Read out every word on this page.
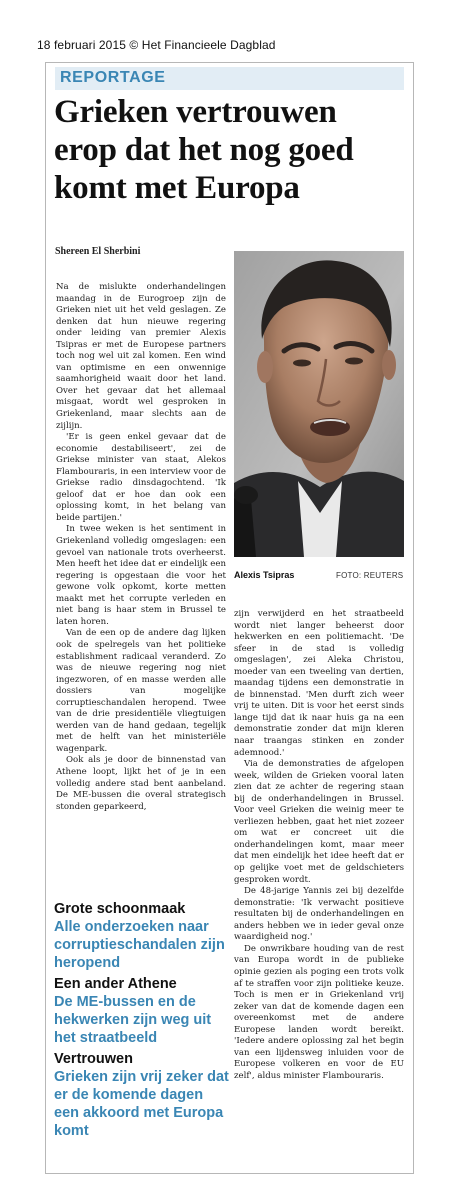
18 februari 2015 © Het Financieele Dagblad
REPORTAGE
Grieken vertrouwen
erop dat het nog goed
komt met Europa
Shereen El Sherbini
Alexis Tsipras	FOTO: REUTERS

Na de mislukte onderhandelingen maandag in de Eurogroep zijn de Grieken niet uit het veld geslagen. Ze denken dat hun nieuwe regering onder leiding van premier Alexis Tsipras er met de Europese partners toch nog wel uit zal komen. Een wind van optimisme en een onwennige saamhorigheid waait door het land. Over het gevaar dat het allemaal misgaat, wordt wel gesproken in Griekenland, maar slechts aan de zijlijn.

'Er is geen enkel gevaar dat de economie destabiliseert', zei de Griekse minister van staat, Alekos Flambouraris, in een interview voor de Griekse radio dinsdagochtend. 'Ik geloof dat er hoe dan ook een oplossing komt, in het belang van beide partijen.'

In twee weken is het sentiment in Griekenland volledig omgeslagen: een gevoel van nationale trots overheerst. Men heeft het idee dat er eindelijk een regering is opgestaan die voor het gewone volk opkomt, korte metten maakt met het corrupte verleden en niet bang is haar stem in Brussel te laten horen.

Van de een op de andere dag lijken ook de spelregels van het politieke establishment radicaal veranderd. Zo was de nieuwe regering nog niet ingezworen, of en masse werden alle dossiers van mogelijke corruptieschandalen heropend. Twee van de drie presidentiële vliegtuigen werden van de hand gedaan, tegelijk met de helft van het ministeriële wagenpark.

Ook als je door de binnenstad van Athene loopt, lijkt het of je in een volledig andere stad bent aanbeland. De ME-bussen die overal strategisch stonden geparkeerd,

zijn verwijderd en het straatbeeld wordt niet langer beheerst door hekwerken en een politiemacht. 'De sfeer in de stad is volledig omgeslagen', zei Aleka Christou, moeder van een tweeling van dertien, maandag tijdens een demonstratie in de binnenstad. 'Men durft zich weer vrij te uiten. Dit is voor het eerst sinds lange tijd dat ik naar huis ga na een demonstratie zonder dat mijn kleren naar traangas stinken en zonder ademnood.'

Via de demonstraties de afgelopen week, wilden de Grieken vooral laten zien dat ze achter de regering staan bij de onderhandelingen in Brussel. Voor veel Grieken die weinig meer te verliezen hebben, gaat het niet zozeer om wat er concreet uit die onderhandelingen komt, maar meer dat men eindelijk het idee heeft dat er op gelijke voet met de geldschieters gesproken wordt.

De 48-jarige Yannis zei bij dezelfde demonstratie: 'Ik verwacht positieve resultaten bij de onderhandelingen en anders hebben we in ieder geval onze waardigheid nog.'

De onwrikbare houding van de rest van Europa wordt in de publieke opinie gezien als poging een trots volk af te straffen voor zijn politieke keuze. Toch is men er in Griekenland vrij zeker van dat de komende dagen een overeenkomst met de andere Europese landen wordt bereikt. 'Iedere andere oplossing zal het begin van een lijdensweg inluiden voor de Europese volkeren en voor de EU zelf', aldus minister Flambouraris.

Grote schoonmaak
Alle onderzoeken naar corruptieschandalen zijn heropend
Een ander Athene
De ME-bussen en de hekwerken zijn weg uit het straatbeeld
Vertrouwen
Grieken zijn vrij zeker dat er de komende dagen een akkoord met Europa komt
